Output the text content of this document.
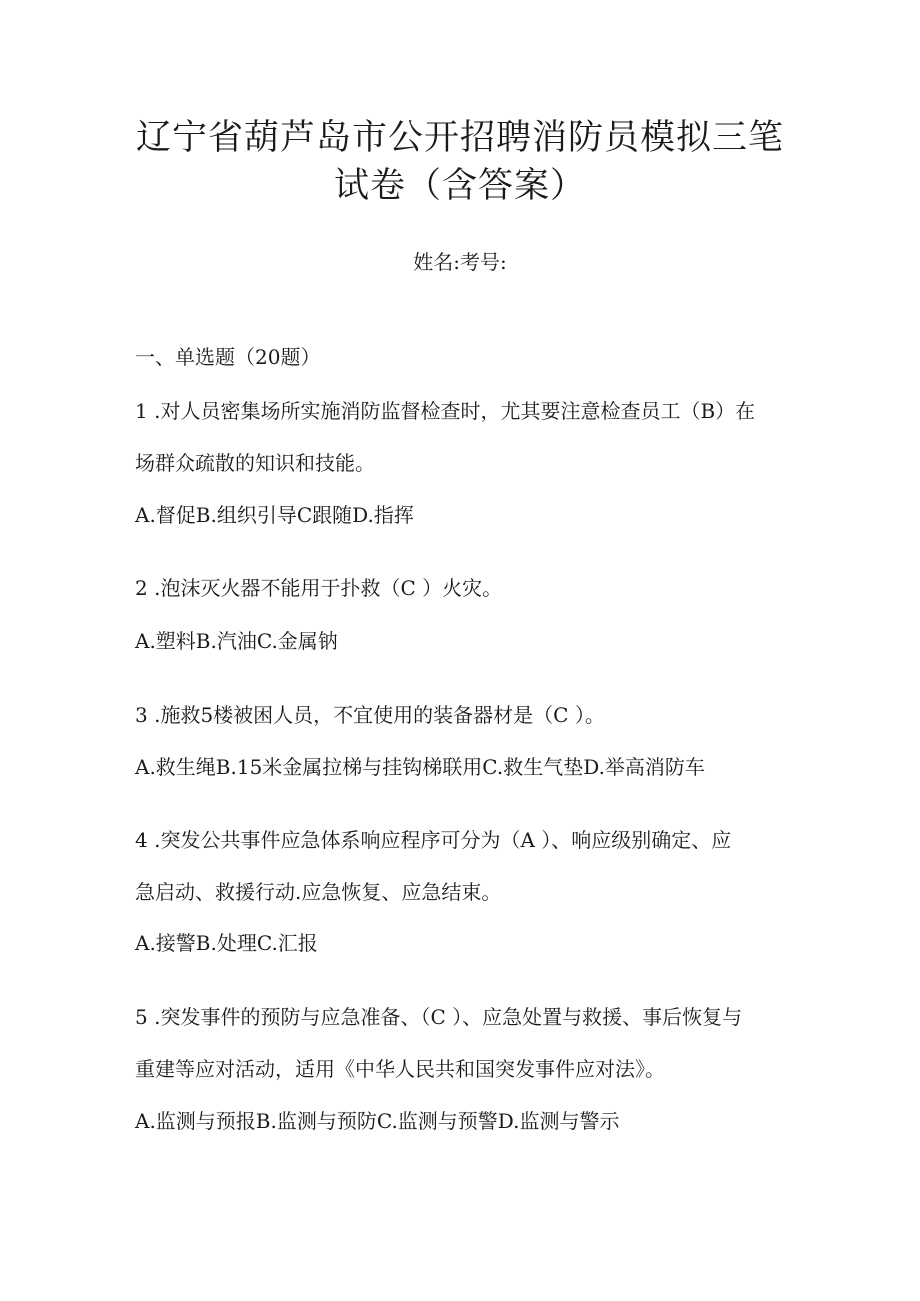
辽宁省葫芦岛市公开招聘消防员模拟三笔
试卷（含答案）
姓名:考号:
一、单选题（20题）
1 .对人员密集场所实施消防监督检查时，尤其要注意检查员工（B）在
场群众疏散的知识和技能。
A.督促B.组织引导C跟随D.指挥
2 .泡沫灭火器不能用于扑救（C ）火灾。
A.塑料B.汽油C.金属钠
3 .施救5楼被困人员，不宜使用的装备器材是（C ）。
A.救生绳B.15米金属拉梯与挂钩梯联用C.救生气垫D.举高消防车
4 .突发公共事件应急体系响应程序可分为（A ）、响应级别确定、应
急启动、救援行动.应急恢复、应急结束。
A.接警B.处理C.汇报
5 .突发事件的预防与应急准备、（C ）、应急处置与救援、事后恢复与
重建等应对活动，适用《中华人民共和国突发事件应对法》。
A.监测与预报B.监测与预防C.监测与预警D.监测与警示
